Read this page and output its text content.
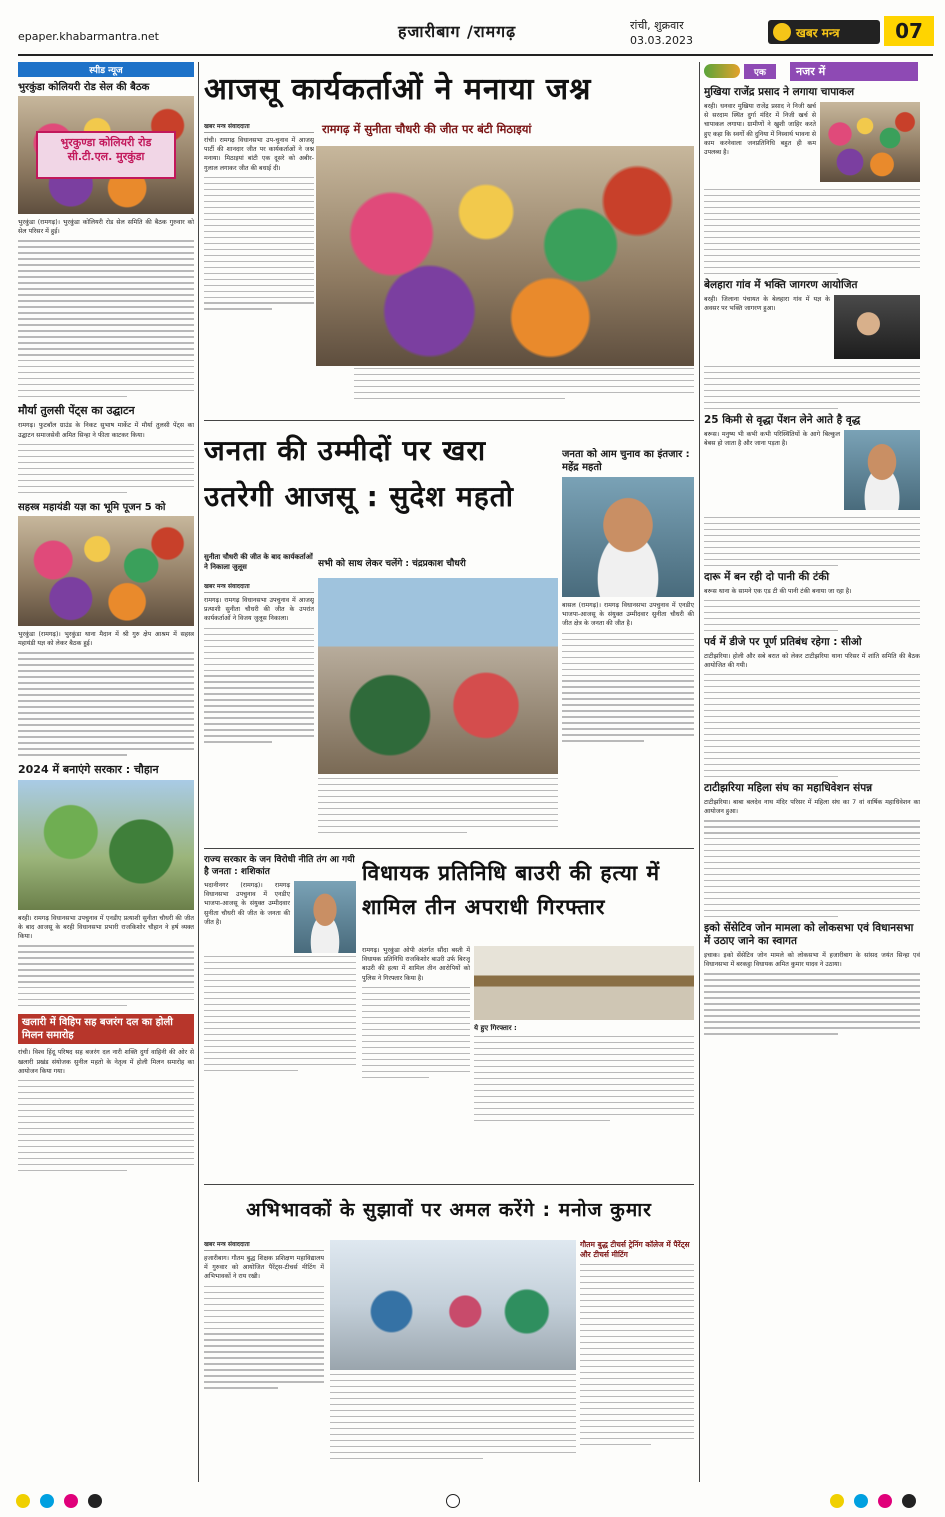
epaper.khabarmantra.net	हजारीबाग /रामगढ़	रांची, शुक्रवार
03.03.2023
खबर मन्त्र	07
स्पीड न्यूज
भुरकुंडा कोलियरी रोड सेल की बैठक
भुरकुण्डा कोलियरी रोड सी.टी.एल. मुरकुंडा
भुरकुंडा (रामगढ़)। भुरकुंडा कोलियरी रोड सेल समिति की बैठक गुरुवार को सेल परिसर में हुई।
मौर्या तुलसी पेंट्स का उद्घाटन
रामगढ़। फुटबॉल ग्राउंड के निकट सुभाष मार्केट में मौर्या तुलसी पेंट्स का उद्घाटन समाजसेवी अमित सिन्हा ने फीता काटकर किया।
सहस्त्र महायंडी यज्ञ का भूमि पूजन 5 को
भुरकुंडा (रामगढ़)। भुरकुंडा थाना मैदान में श्री गुरु क्षेप आश्रम में सहस्त्र महायंडी यज्ञ को लेकर बैठक हुई।
2024 में बनाएंगे सरकार : चौहान
बरही। रामगढ़ विधानसभा उपचुनाव में एनडीए प्रत्याशी सुनीता चौधरी की जीत के बाद आजसू के बरही विधानसभा प्रभारी राजकिशोर चौहान ने हर्ष व्यक्त किया।
खलारी में विहिप सह बजरंग दल का होली मिलन समारोह
रांची। विश्व हिंदू परिषद सह बजरंग दल नारी शक्ति दुर्गा वाहिनी की ओर से खलारी प्रखंड संयोजक सुनील महतो के नेतृत्व में होली मिलन समारोह का आयोजन किया गया।
आजसू कार्यकर्ताओं ने मनाया जश्न
खबर मन्त्र संवाददाता
रांची। रामगढ़ विधानसभा उप-चुनाव में आजसू पार्टी की शानदार जीत पर कार्यकर्ताओं ने जश्न मनाया। मिठाइयां बांटी एक दूसरे को अबीर-गुलाल लगाकर जीत की बधाई दी।
रामगढ़ में सुनीता चौधरी की जीत पर बंटी मिठाइयां
जनता की उम्मीदों पर खरा उतरेगी आजसू : सुदेश महतो
सुनीता चौधरी की जीत के बाद कार्यकर्ताओं ने निकाला जुलूस	सभी को साथ लेकर चलेंगे : चंद्रप्रकाश चौधरी
खबर मन्त्र संवाददाता
रामगढ़। रामगढ़ विधानसभा उपचुनाव में आजसू प्रत्याशी सुनीता चौधरी की जीत के उपरांत कार्यकर्ताओं ने विजय जुलूस निकाला।
जनता को आम चुनाव का इंतजार : महेंद्र महतो
बासल (रामगढ़)। रामगढ़ विधानसभा उपचुनाव में एनडीए भाजपा-आजसू के संयुक्त उम्मीदवार सुनीता चौधरी की जीत क्षेत्र के जनता की जीत है।
राज्य सरकार के जन विरोधी नीति तंग आ गयी है जनता : शशिकांत
भदानीनगर (रामगढ़)। रामगढ़ विधानसभा उपचुनाव में एनडीए भाजपा-आजसू के संयुक्त उम्मीदवार सुनीता चौधरी की जीत के जनता की जीत है।
विधायक प्रतिनिधि बाउरी की हत्या में शामिल तीन अपराधी गिरफ्तार
रामगढ़। भुरकुंडा ओपी अंतर्गत सौंदा बस्ती में विधायक प्रतिनिधि राजकिशोर बाउरी उर्फ बिरजू बाउरी की हत्या में शामिल तीन आरोपियों को पुलिस ने गिरफ्तार किया है।
ये हुए गिरफ्तार :
अभिभावकों के सुझावों पर अमल करेंगे : मनोज कुमार
खबर मन्त्र संवाददाता
हजारीबाग। गौतम बुद्ध शिक्षक प्रशिक्षण महाविद्यालय में गुरुवार को आयोजित पैरेंट्स-टीचर्स मीटिंग में अभिभावकों ने राय रखी।
गौतम बुद्ध टीचर्स ट्रेनिंग कॉलेज में पैरेंट्स और टीचर्स मीटिंग
एक	नजर में
मुखिया राजेंद्र प्रसाद ने लगाया चापाकल
बरही। धनवार मुखिया राजेंद्र प्रसाद ने निजी खर्च से सरदाम स्थित दुर्गा मंदिर में निजी खर्च से चापाकल लगाया। ग्रामीणों ने खुशी जाहिर करते हुए कहा कि स्वर्गो की दुनिया में निस्वार्थ भावना से काम करनेवाला जनप्रतिनिधि बहुत ही कम उपलब्ध है।
बेलहारा गांव में भक्ति जागरण आयोजित
बरही। जिलाना पंचायत के बेलहारा गांव में यज्ञ के अवसर पर भक्ति जागरण हुआ।
25 किमी से वृद्धा पेंशन लेने आते है वृद्ध
बरूस। मनुष्य भी कभी कभी परिस्थितियों के आगे बिल्कुल बेबस हो जाता है और जाना पड़ता है।
दारू में बन रही दो पानी की टंकी
बरूस थाना के सामने एक एड टी की पानी टंकी बनाया जा रहा है।
पर्व में डीजे पर पूर्ण प्रतिबंध रहेगा : सीओ
टाटीझरिया। होली और सबे बरात को लेकर टाटीझरिया थाना परिसर में शांति समिति की बैठक आयोजित की गयी।
टाटीझरिया महिला संघ का महाधिवेशन संपन्न
टाटीझरिया। बाबा बलदेव नाथ मंदिर परिसर में महिला संघ का 7 वां वार्षिक महाधिवेशन का आयोजन हुआ।
इको सेंसेटिव जोन मामला को लोकसभा एवं विधानसभा में उठाए जाने का स्वागत
इचाक। इको सेंसेटिव जोन मामले को लोकसभा में हजारीबाग के सांसद जयंत सिन्हा एवं विधानसभा में बरकट्ठा विधायक अमित कुमार यादव ने उठाया।
